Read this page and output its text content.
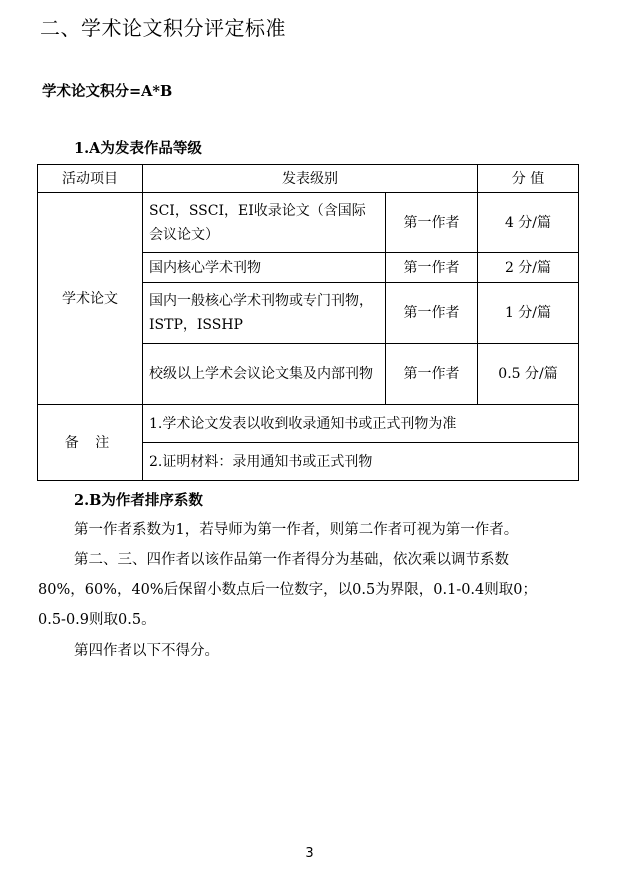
二、学术论文积分评定标准
学术论文积分=A*B
1.A为发表作品等级
活动项目	发表级别		分 值
学术论文	SCI，SSCI，EI收录论文（含国际会议论文）	第一作者	4 分/篇
	国内核心学术刊物	第一作者	2 分/篇
	国内一般核心学术刊物或专门刊物，ISTP，ISSHP	第一作者	1 分/篇
	校级以上学术会议论文集及内部刊物	第一作者	0.5 分/篇
备 注	1.学术论文发表以收到收录通知书或正式刊物为准		
	2.证明材料：录用通知书或正式刊物		
2.B为作者排序系数
第一作者系数为1，若导师为第一作者，则第二作者可视为第一作者。
第二、三、四作者以该作品第一作者得分为基础，依次乘以调节系数
80%，60%，40%后保留小数点后一位数字，以0.5为界限，0.1-0.4则取0；
0.5-0.9则取0.5。
第四作者以下不得分。
3
